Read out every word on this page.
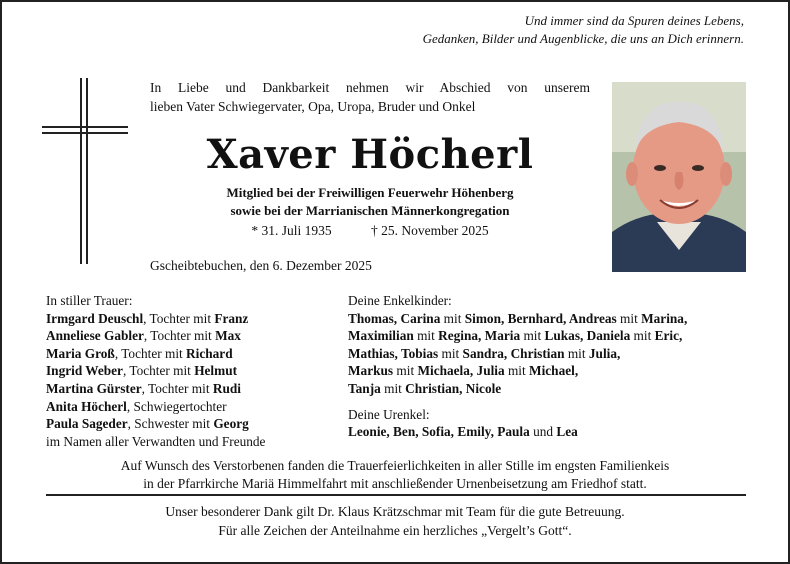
Und immer sind da Spuren deines Lebens,
Gedanken, Bilder und Augenblicke, die uns an Dich erinnern.
In Liebe und Dankbarkeit nehmen wir Abschied von unserem
lieben Vater Schwiegervater, Opa, Uropa, Bruder und Onkel
Xaver Höcherl
Mitglied bei der Freiwilligen Feuerwehr Höhenberg
sowie bei der Marrianischen Männerkongregation
* 31. Juli 1935	† 25. November 2025
Gscheibtebuchen, den 6. Dezember 2025
In stiller Trauer:
Irmgard Deuschl, Tochter mit Franz
Anneliese Gabler, Tochter mit Max
Maria Groß, Tochter mit Richard
Ingrid Weber, Tochter mit Helmut
Martina Gürster, Tochter mit Rudi
Anita Höcherl, Schwiegertochter
Paula Sageder, Schwester mit Georg
im Namen aller Verwandten und Freunde
Deine Enkelkinder:
Thomas, Carina mit Simon, Bernhard, Andreas mit Marina,
Maximilian mit Regina, Maria mit Lukas, Daniela mit Eric,
Mathias, Tobias mit Sandra, Christian mit Julia,
Markus mit Michaela, Julia mit Michael,
Tanja mit Christian, Nicole
Deine Urenkel:
Leonie, Ben, Sofia, Emily, Paula und Lea
Auf Wunsch des Verstorbenen fanden die Trauerfeierlichkeiten in aller Stille im engsten Familienkeis
in der Pfarrkirche Mariä Himmelfahrt mit anschließender Urnenbeisetzung am Friedhof statt.
Unser besonderer Dank gilt Dr. Klaus Krätzschmar mit Team für die gute Betreuung.
Für alle Zeichen der Anteilnahme ein herzliches „Vergelt’s Gott“.
